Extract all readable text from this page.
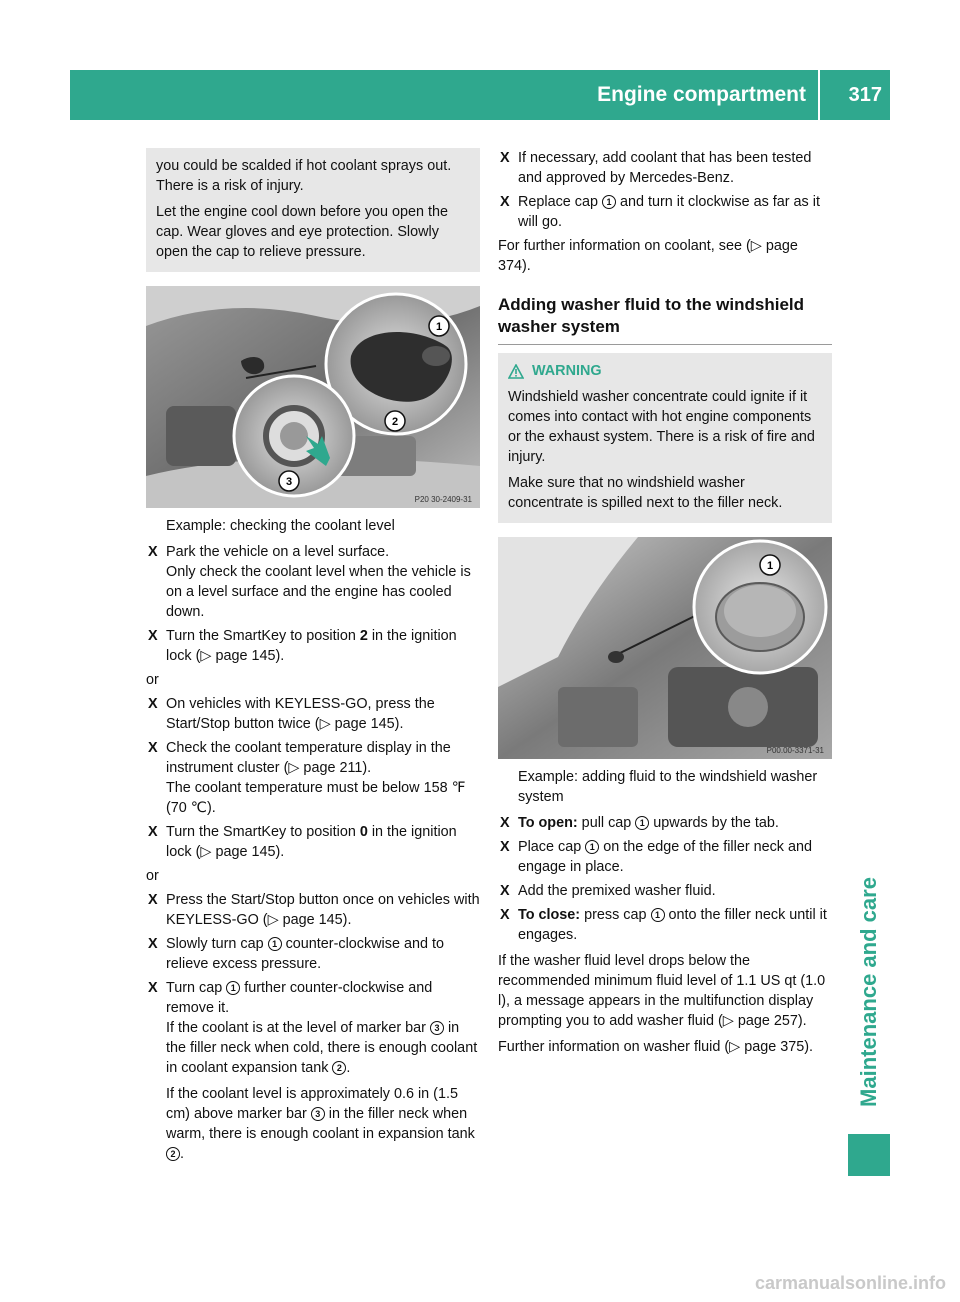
Engine compartment	317
Maintenance and care

you could be scalded if hot coolant sprays out. There is a risk of injury.

Let the engine cool down before you open the cap. Wear gloves and eye protection. Slowly open the cap to relieve pressure.

1
2
3
P20 30-2409-31
Example: checking the coolant level
X Park the vehicle on a level surface.
Only check the coolant level when the vehicle is on a level surface and the engine has cooled down.
X Turn the SmartKey to position 2 in the ignition lock (▷ page 145).
or
X On vehicles with KEYLESS-GO, press the Start/Stop button twice (▷ page 145).
X Check the coolant temperature display in the instrument cluster (▷ page 211).
The coolant temperature must be below 158 ℉ (70 ℃).
X Turn the SmartKey to position 0 in the ignition lock (▷ page 145).
or
X Press the Start/Stop button once on vehicles with KEYLESS-GO (▷ page 145).
X Slowly turn cap 1 counter-clockwise and to relieve excess pressure.
X Turn cap 1 further counter-clockwise and remove it.
If the coolant is at the level of marker bar 3 in the filler neck when cold, there is enough coolant in coolant expansion tank 2 .
If the coolant level is approximately 0.6 in (1.5 cm) above marker bar 3 in the filler neck when warm, there is enough coolant in expansion tank 2 .
X If necessary, add coolant that has been tested and approved by Mercedes-Benz.
X Replace cap 1 and turn it clockwise as far as it will go.
For further information on coolant, see (▷ page 374).
Adding washer fluid to the windshield washer system
WARNING

Windshield washer concentrate could ignite if it comes into contact with hot engine components or the exhaust system. There is a risk of fire and injury.

Make sure that no windshield washer concentrate is spilled next to the filler neck.

1
P00.00-3371-31
Example: adding fluid to the windshield washer system
X To open: pull cap 1 upwards by the tab.
X Place cap 1 on the edge of the filler neck and engage in place.
X Add the premixed washer fluid.
X To close: press cap 1 onto the filler neck until it engages.
If the washer fluid level drops below the recommended minimum fluid level of 1.1 US qt (1.0 l), a message appears in the multifunction display prompting you to add washer fluid (▷ page 257).
Further information on washer fluid (▷ page 375).
carmanualsonline.info
